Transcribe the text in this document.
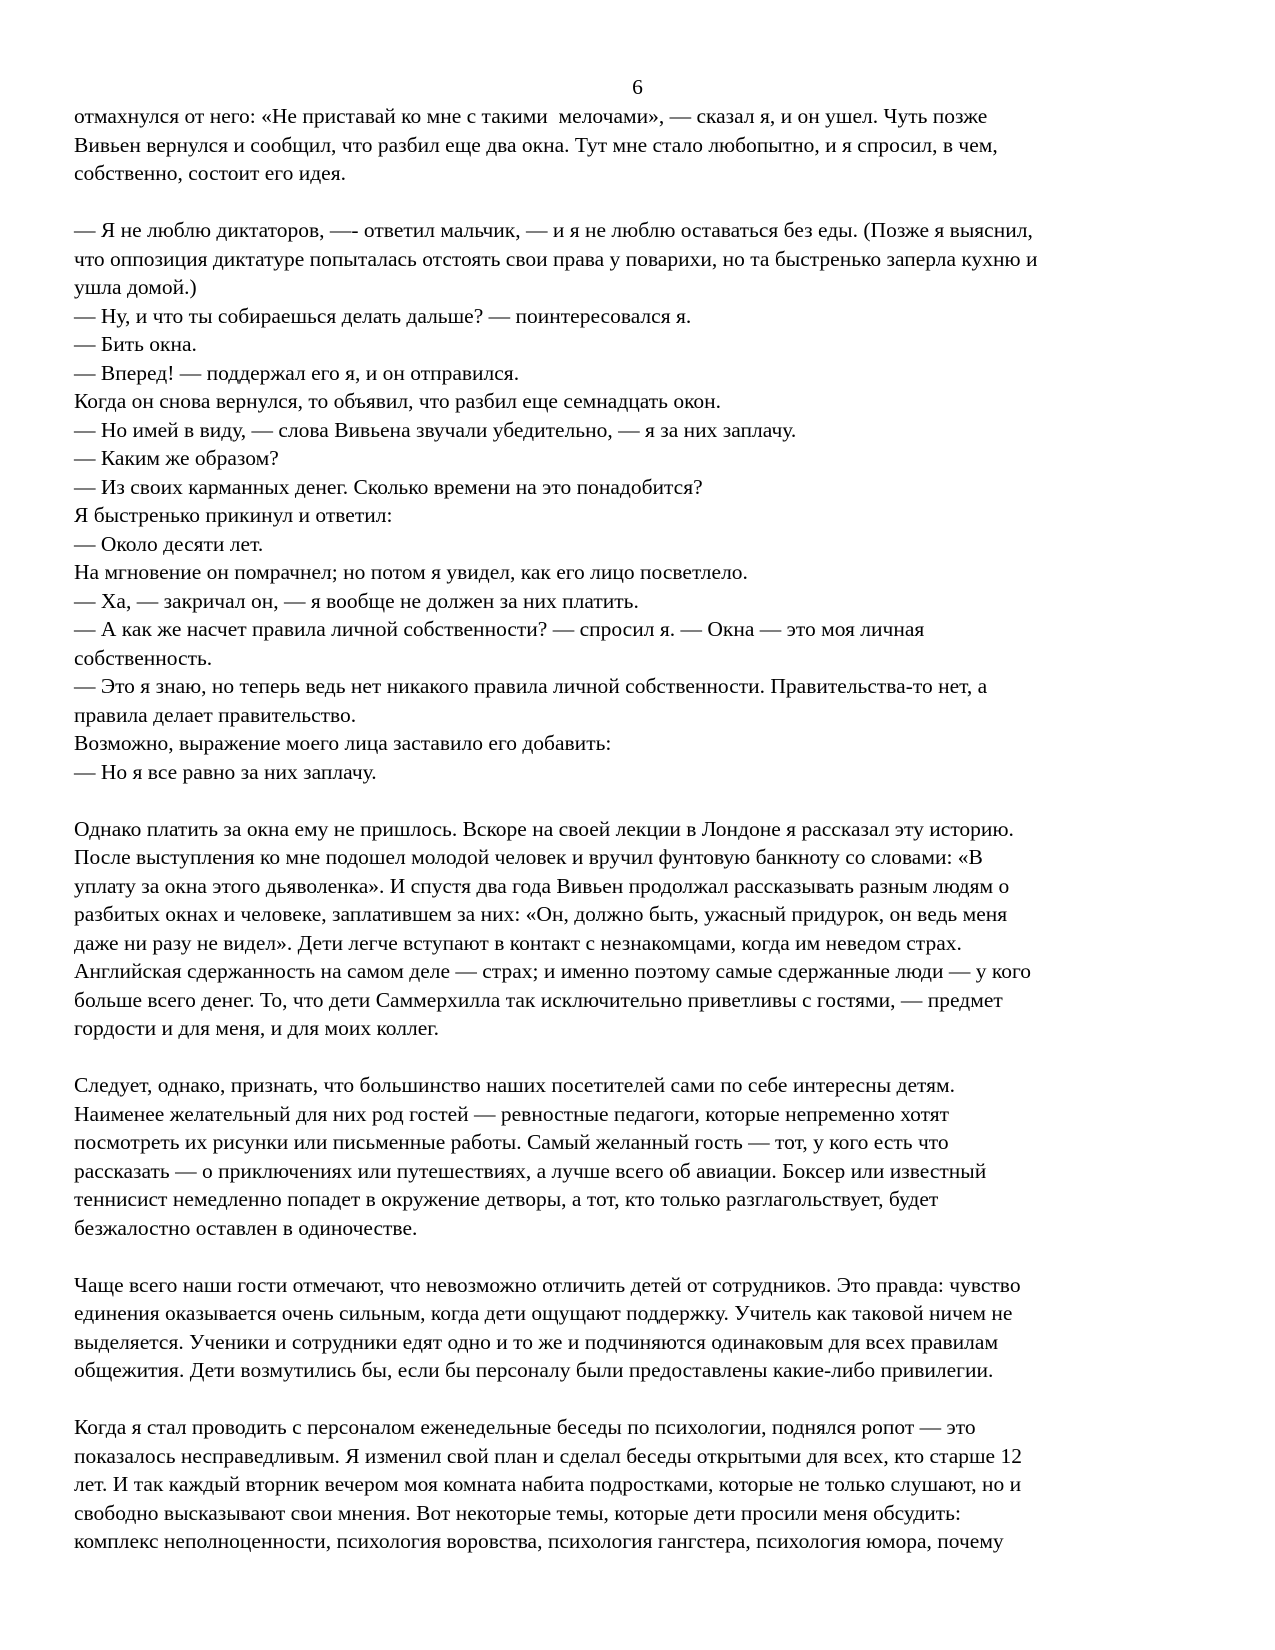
6

отмахнулся от него: «Не приставай ко мне с такими  мелочами», — сказал я, и он ушел. Чуть позже

Вивьен вернулся и сообщил, что разбил еще два окна. Тут мне стало любопытно, и я спросил, в чем,

собственно, состоит его идея.

— Я не люблю диктаторов, —- ответил мальчик, — и я не люблю оставаться без еды. (Позже я выяснил,

что оппозиция диктатуре попыталась отстоять свои права у поварихи, но та быстренько заперла кухню и

ушла домой.)

— Ну, и что ты собираешься делать дальше? — поинтересовался я.

— Бить окна.

— Вперед! — поддержал его я, и он отправился.

Когда он снова вернулся, то объявил, что разбил еще семнадцать окон.

— Но имей в виду, — слова Вивьена звучали убедительно, — я за них заплачу.

— Каким же образом?

— Из своих карманных денег. Сколько времени на это понадобится?

Я быстренько прикинул и ответил:

— Около десяти лет.

На мгновение он помрачнел; но потом я увидел, как его лицо посветлело.

— Ха, — закричал он, — я вообще не должен за них платить.

— А как же насчет правила личной собственности? — спросил я. — Окна — это моя личная

собственность.

— Это я знаю, но теперь ведь нет никакого правила личной собственности. Правительства-то нет, а

правила делает правительство.

Возможно, выражение моего лица заставило его добавить:

— Но я все равно за них заплачу.

Однако платить за окна ему не пришлось. Вскоре на своей лекции в Лондоне я рассказал эту историю.

После выступления ко мне подошел молодой человек и вручил фунтовую банкноту со словами: «В

уплату за окна этого дьяволенка». И спустя два года Вивьен продолжал рассказывать разным людям о

разбитых окнах и человеке, заплатившем за них: «Он, должно быть, ужасный придурок, он ведь меня

даже ни разу не видел». Дети легче вступают в контакт с незнакомцами, когда им неведом страх.

Английская сдержанность на самом деле — страх; и именно поэтому самые сдержанные люди — у кого

больше всего денег. То, что дети Саммерхилла так исключительно приветливы с гостями, — предмет

гордости и для меня, и для моих коллег.

Следует, однако, признать, что большинство наших посетителей сами по себе интересны детям.

Наименее желательный для них род гостей — ревностные педагоги, которые непременно хотят

посмотреть их рисунки или письменные работы. Самый желанный гость — тот, у кого есть что

рассказать — о приключениях или путешествиях, а лучше всего об авиации. Боксер или известный

теннисист немедленно попадет в окружение детворы, а тот, кто только разглагольствует, будет

безжалостно оставлен в одиночестве.

Чаще всего наши гости отмечают, что невозможно отличить детей от сотрудников. Это правда: чувство

единения оказывается очень сильным, когда дети ощущают поддержку. Учитель как таковой ничем не

выделяется. Ученики и сотрудники едят одно и то же и подчиняются одинаковым для всех правилам

общежития. Дети возмутились бы, если бы персоналу были предоставлены какие-либо привилегии.

Когда я стал проводить с персоналом еженедельные беседы по психологии, поднялся ропот — это

показалось несправедливым. Я изменил свой план и сделал беседы открытыми для всех, кто старше 12

лет. И так каждый вторник вечером моя комната набита подростками, которые не только слушают, но и

свободно высказывают свои мнения. Вот некоторые темы, которые дети просили меня обсудить:

комплекс неполноценности, психология воровства, психология гангстера, психология юмора, почему
